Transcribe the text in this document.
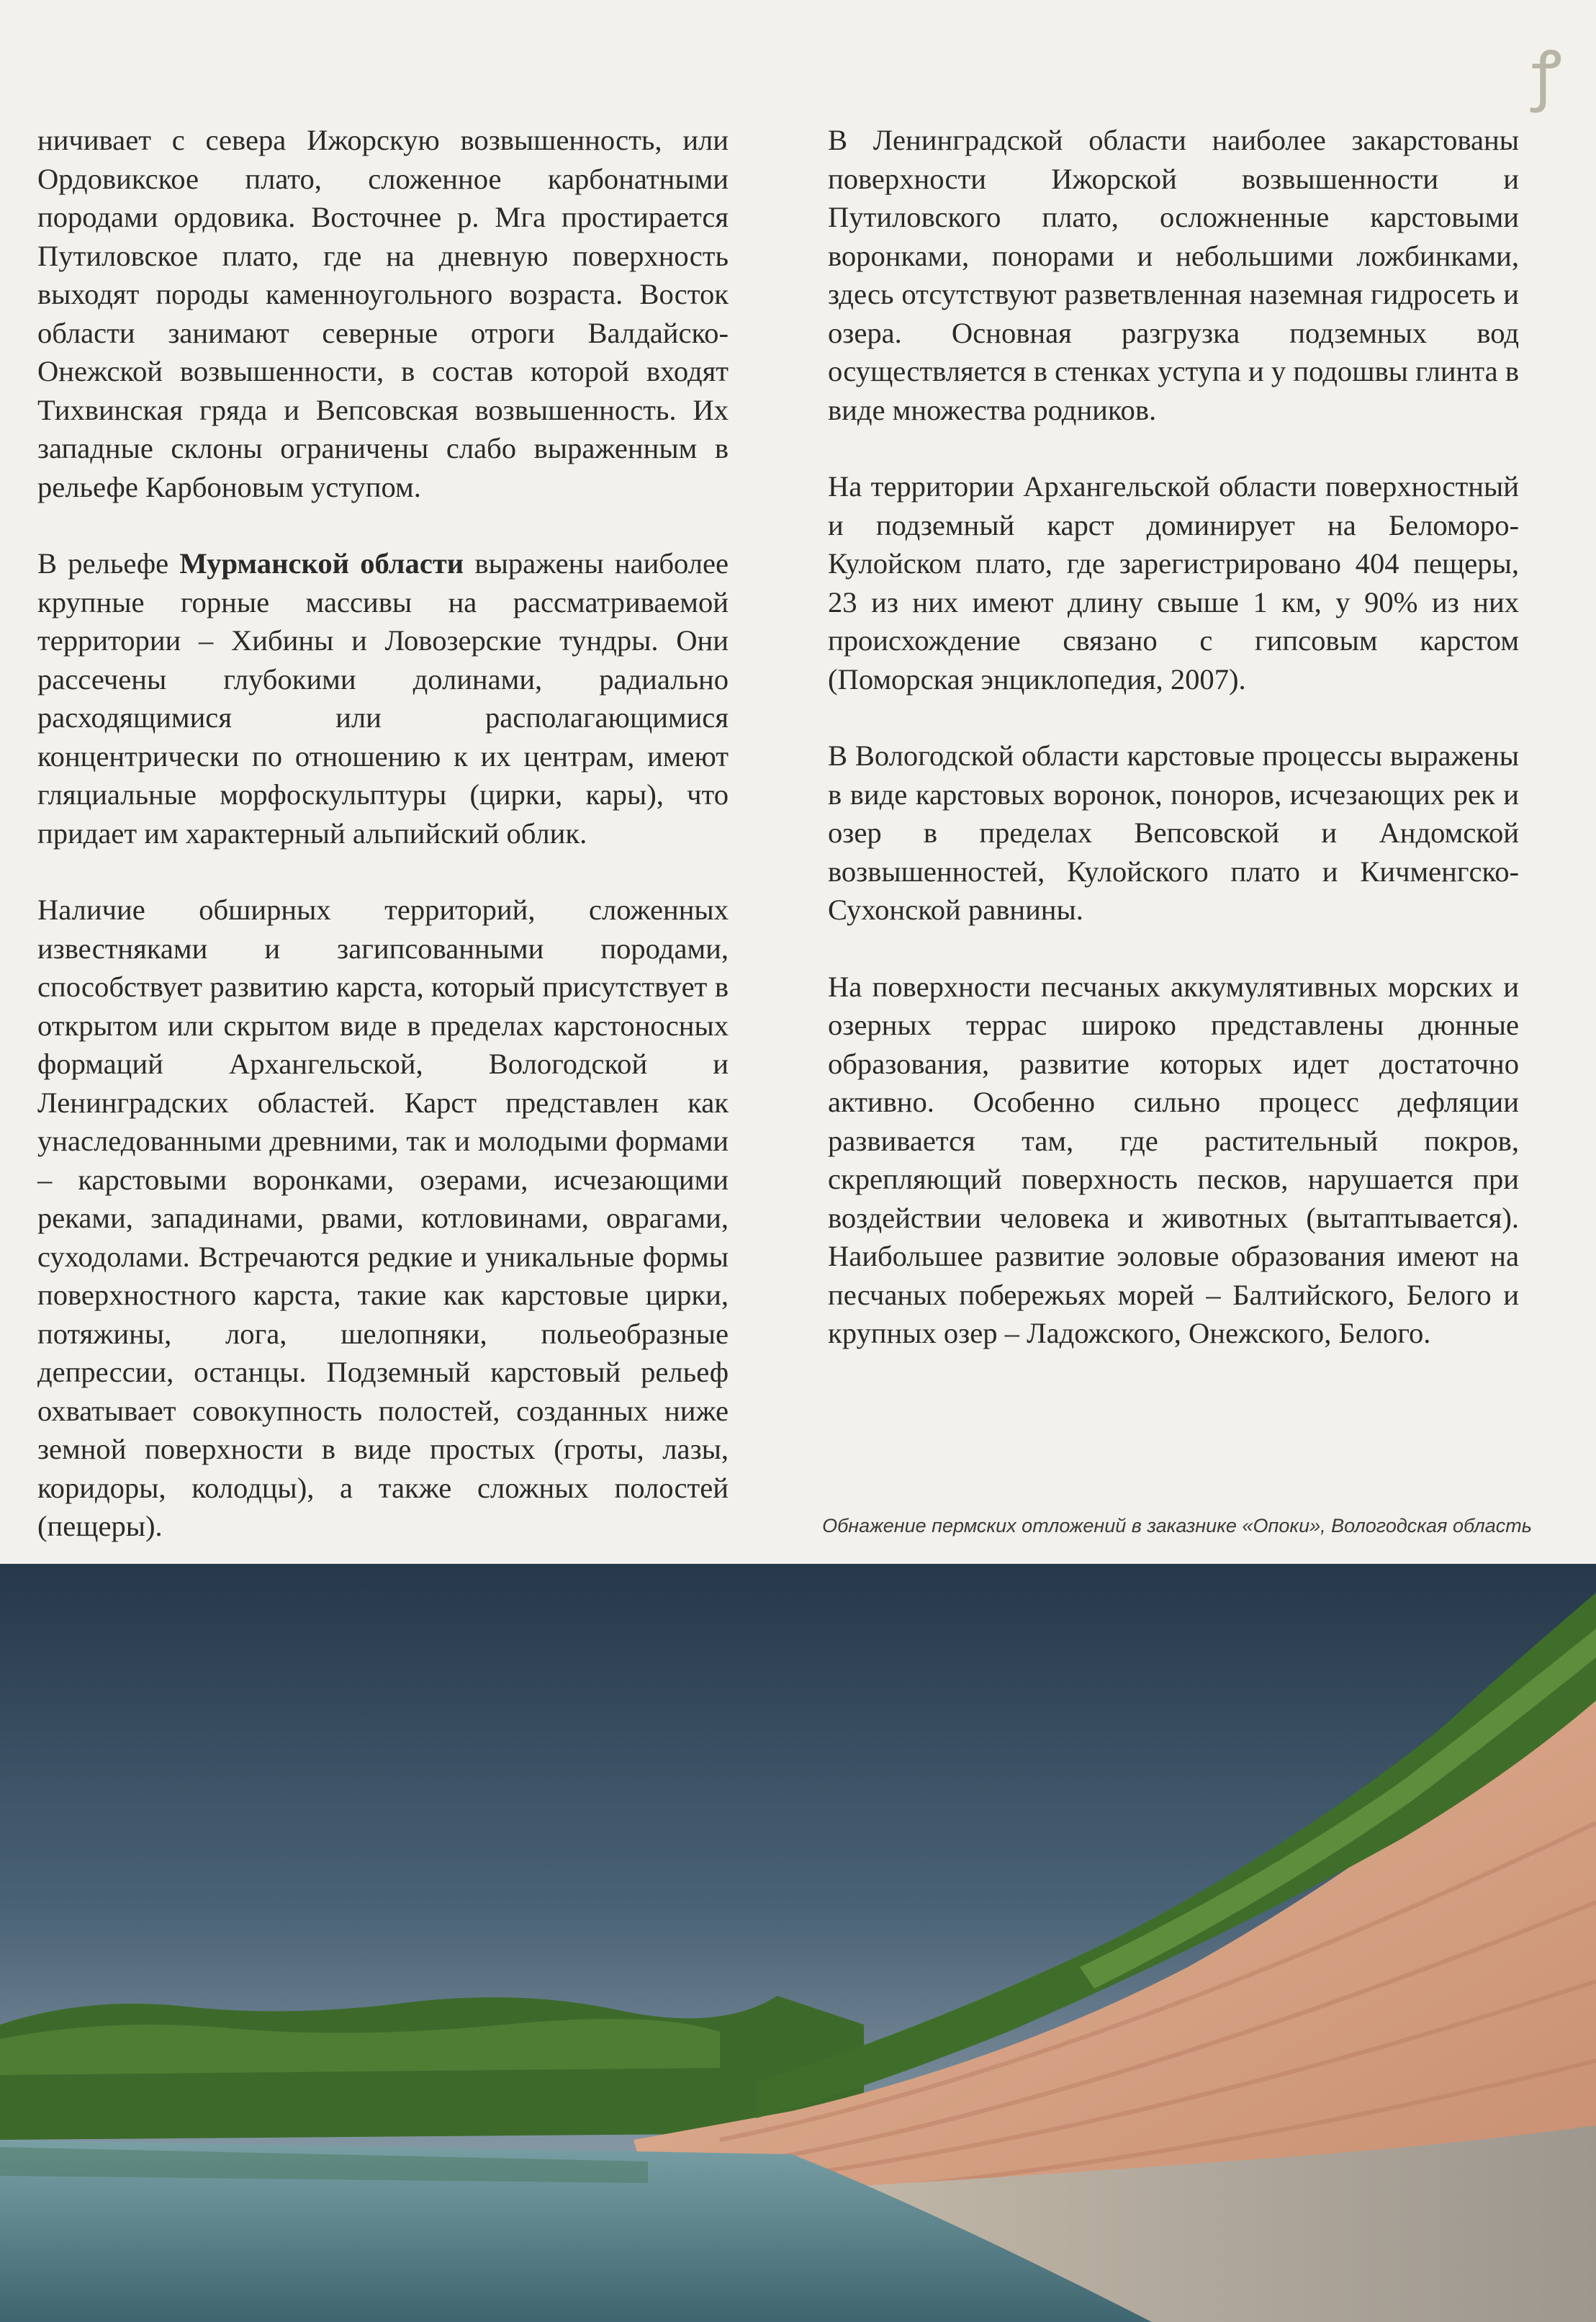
ꝭ

ничивает с севера Ижорскую возвышенность, или Ордовикское плато, сложенное карбонатными породами ордовика. Восточнее р. Мга простирается Путиловское плато, где на дневную поверхность выходят породы каменноугольного возраста. Восток области занимают северные отроги Валдайско-Онежской возвышенности, в состав которой входят Тихвинская гряда и Вепсовская возвышенность. Их западные склоны ограничены слабо выраженным в рельефе Карбоновым уступом.

В рельефе Мурманской области выражены наиболее крупные горные массивы на рассматриваемой территории – Хибины и Ловозерские тундры. Они рассечены глубокими долинами, радиально расходящимися или располагающимися концентрически по отношению к их центрам, имеют гляциальные морфоскульптуры (цирки, кары), что придает им характерный альпийский облик.

Наличие обширных территорий, сложенных известняками и загипсованными породами, способствует развитию карста, который присутствует в открытом или скрытом виде в пределах карстоносных формаций Архангельской, Вологодской и Ленинградских областей. Карст представлен как унаследованными древними, так и молодыми формами – карстовыми воронками, озерами, исчезающими реками, западинами, рвами, котловинами, оврагами, суходолами. Встречаются редкие и уникальные формы поверхностного карста, такие как карстовые цирки, потяжины, лога, шелопняки, польеобразные депрессии, останцы. Подземный карстовый рельеф охватывает совокупность полостей, созданных ниже земной поверхности в виде простых (гроты, лазы, коридоры, колодцы), а также сложных полостей (пещеры).

В Ленинградской области наиболее закарстованы поверхности Ижорской возвышенности и Путиловского плато, осложненные карстовыми воронками, понорами и небольшими ложбинками, здесь отсутствуют разветвленная наземная гидросеть и озера. Основная разгрузка подземных вод осуществляется в стенках уступа и у подошвы глинта в виде множества родников.

На территории Архангельской области поверхностный и подземный карст доминирует на Беломоро-Кулойском плато, где зарегистрировано 404 пещеры, 23 из них имеют длину свыше 1 км, у 90% из них происхождение связано с гипсовым карстом (Поморская энциклопедия, 2007).

В Вологодской области карстовые процессы выражены в виде карстовых воронок, поноров, исчезающих рек и озер в пределах Вепсовской и Андомской возвышенностей, Кулойского плато и Кичменгско-Сухонской равнины.

На поверхности песчаных аккумулятивных морских и озерных террас широко представлены дюнные образования, развитие которых идет достаточно активно. Особенно сильно процесс дефляции развивается там, где растительный покров, скрепляющий поверхность песков, нарушается при воздействии человека и животных (вытаптывается). Наибольшее развитие эоловые образования имеют на песчаных побережьях морей – Балтийского, Белого и крупных озер – Ладожского, Онежского, Белого.

Обнажение пермских отложений в заказнике «Опоки», Вологодская область
